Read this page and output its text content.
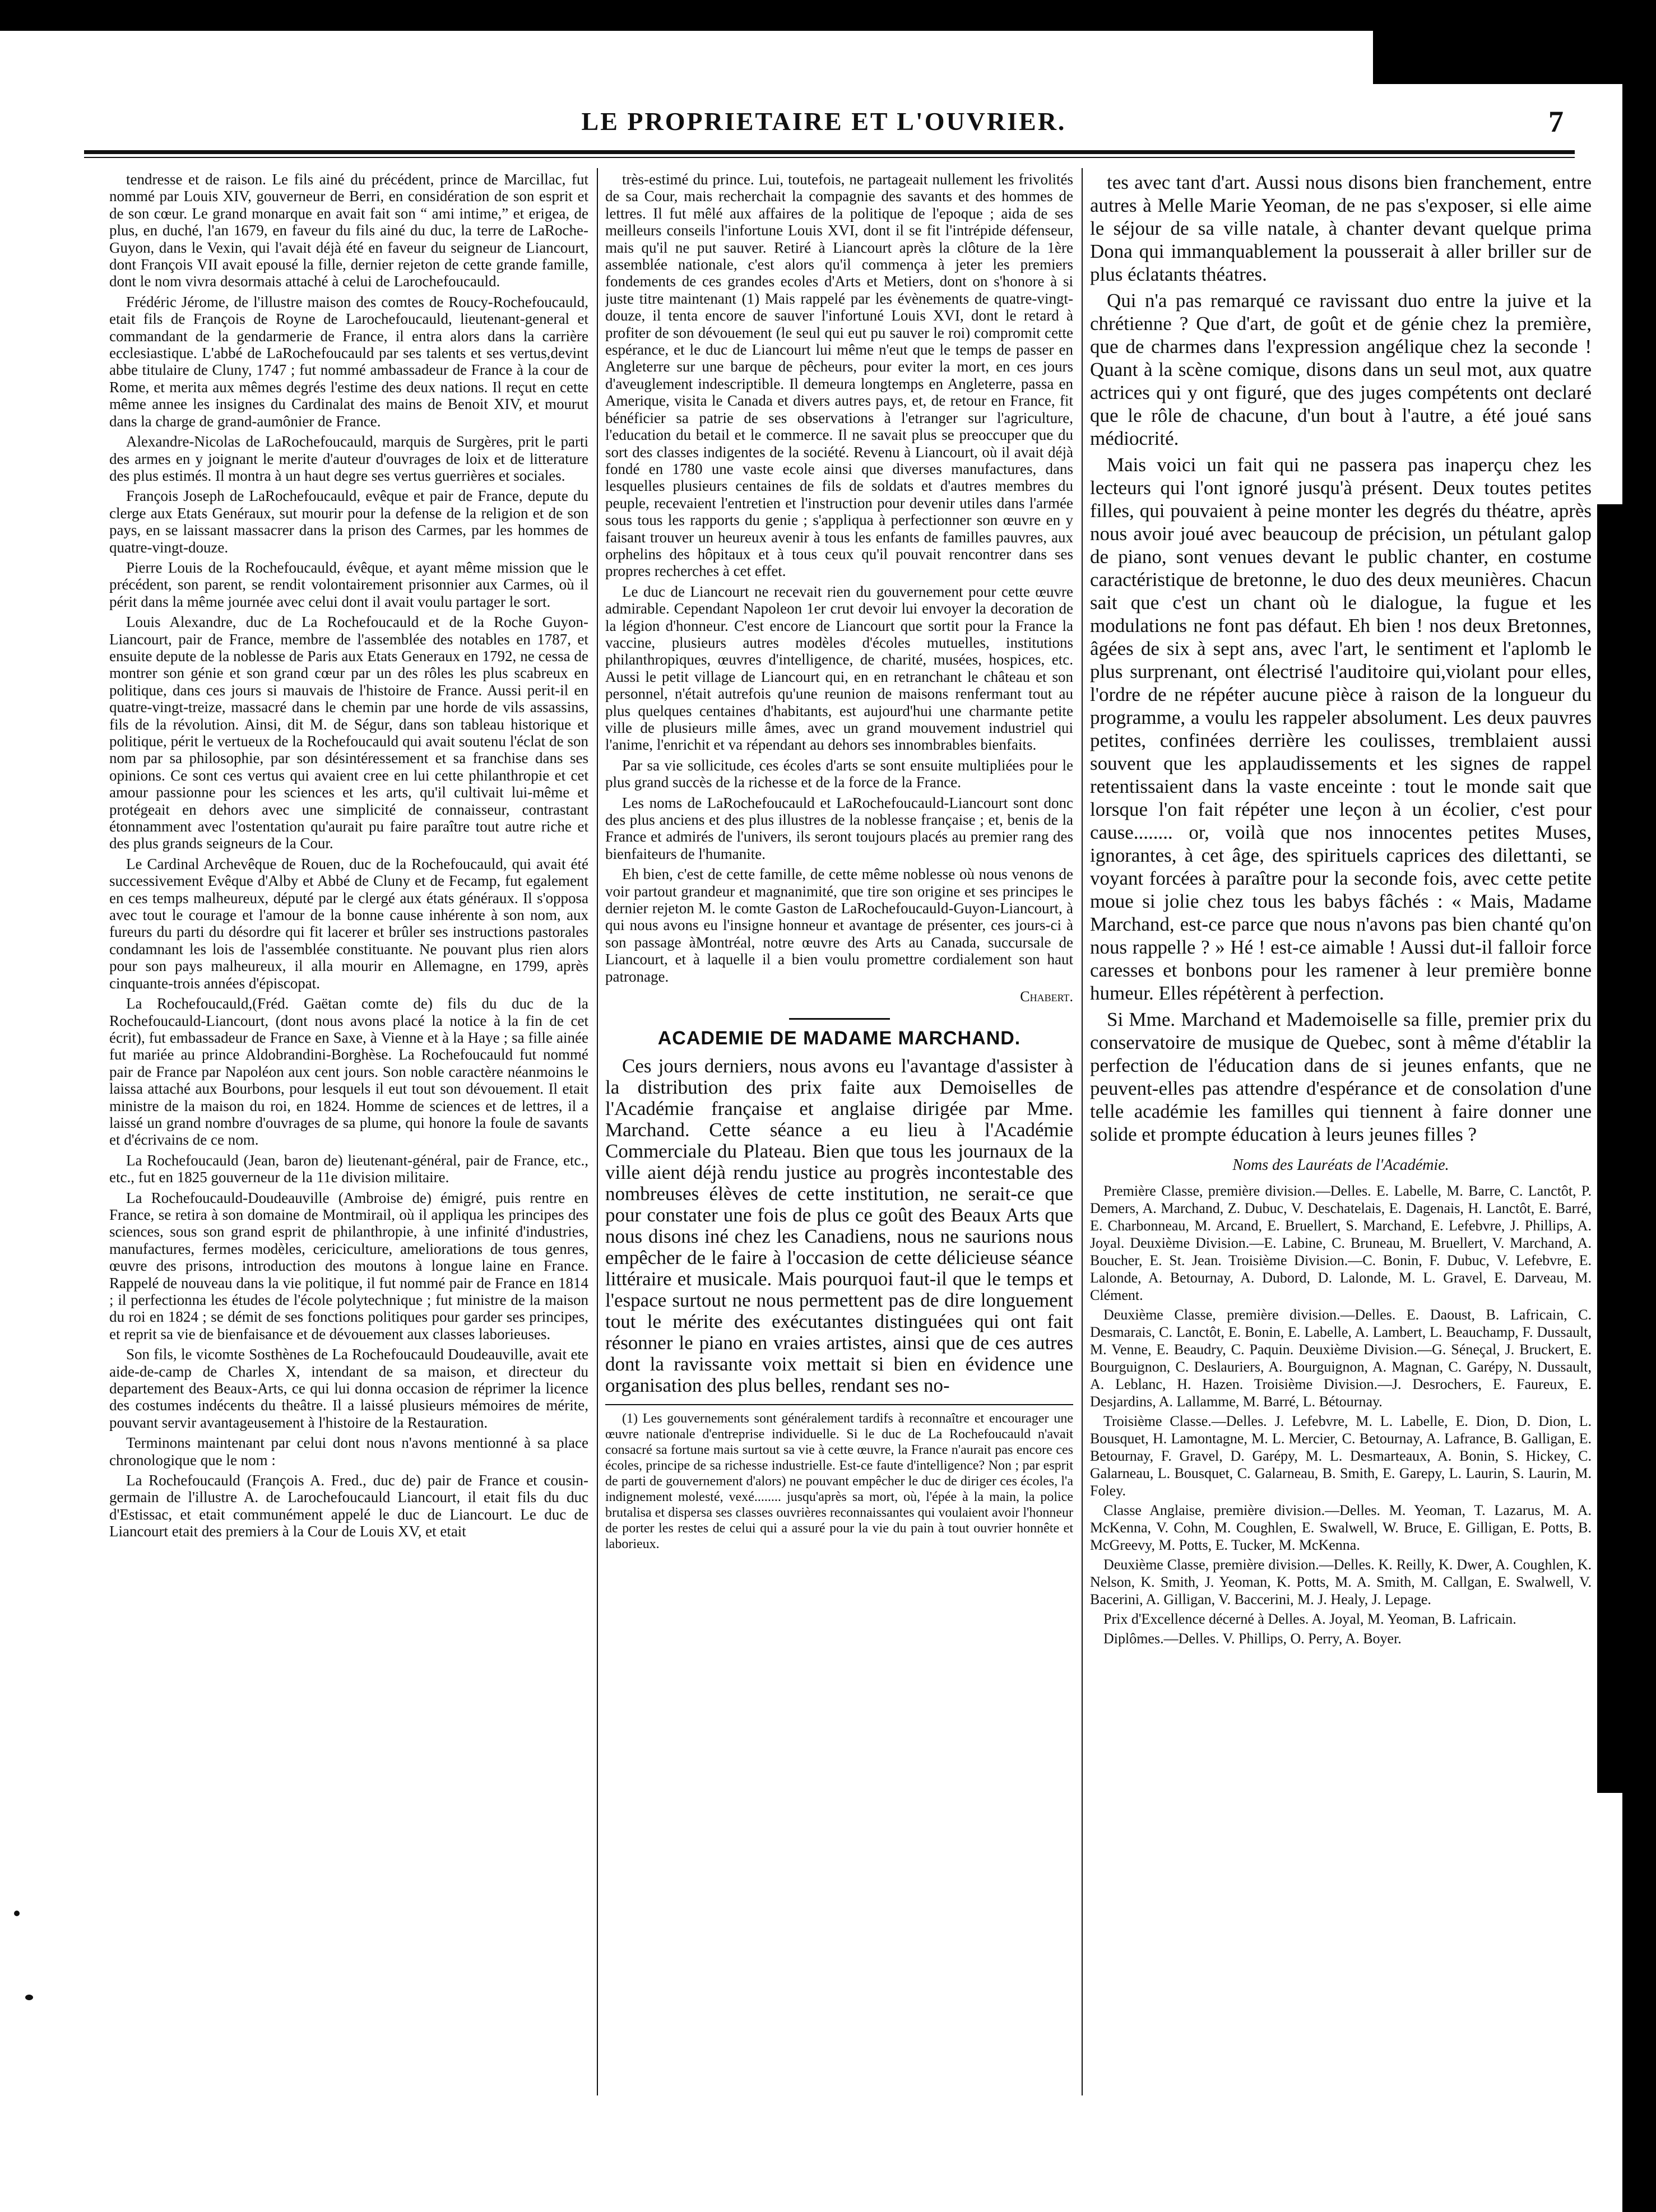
LE PROPRIETAIRE ET L'OUVRIER.	7

tendresse et de raison. Le fils ainé du précédent, prince de Marcillac, fut nommé par Louis XIV, gouverneur de Berri, en considération de son esprit et de son cœur. Le grand monarque en avait fait son “ ami intime,” et erigea, de plus, en duché, l'an 1679, en faveur du fils ainé du duc, la terre de LaRoche-Guyon, dans le Vexin, qui l'avait déjà été en faveur du seigneur de Liancourt, dont François VII avait epousé la fille, dernier rejeton de cette grande famille, dont le nom vivra desormais attaché à celui de Larochefoucauld.

Frédéric Jérome, de l'illustre maison des comtes de Roucy-Rochefoucauld, etait fils de François de Royne de Larochefoucauld, lieutenant-general et commandant de la gendarmerie de France, il entra alors dans la carrière ecclesiastique. L'abbé de LaRochefoucauld par ses talents et ses vertus,devint abbe titulaire de Cluny, 1747 ; fut nommé ambassadeur de France à la cour de Rome, et merita aux mêmes degrés l'estime des deux nations. Il reçut en cette même annee les insignes du Cardinalat des mains de Benoit XIV, et mourut dans la charge de grand-aumônier de France.

Alexandre-Nicolas de LaRochefoucauld, marquis de Surgères, prit le parti des armes en y joignant le merite d'auteur d'ouvrages de loix et de litterature des plus estimés. Il montra à un haut degre ses vertus guerrières et sociales.

François Joseph de LaRochefoucauld, evêque et pair de France, depute du clerge aux Etats Genéraux, sut mourir pour la defense de la religion et de son pays, en se laissant massacrer dans la prison des Carmes, par les hommes de quatre-vingt-douze.

Pierre Louis de la Rochefoucauld, évêque, et ayant même mission que le précédent, son parent, se rendit volontairement prisonnier aux Carmes, où il périt dans la même journée avec celui dont il avait voulu partager le sort.

Louis Alexandre, duc de La Rochefoucauld et de la Roche Guyon-Liancourt, pair de France, membre de l'assemblée des notables en 1787, et ensuite depute de la noblesse de Paris aux Etats Generaux en 1792, ne cessa de montrer son génie et son grand cœur par un des rôles les plus scabreux en politique, dans ces jours si mauvais de l'histoire de France. Aussi perit-il en quatre-vingt-treize, massacré dans le chemin par une horde de vils assassins, fils de la révolution. Ainsi, dit M. de Ségur, dans son tableau historique et politique, périt le vertueux de la Rochefoucauld qui avait soutenu l'éclat de son nom par sa philosophie, par son désintéressement et sa franchise dans ses opinions. Ce sont ces vertus qui avaient cree en lui cette philanthropie et cet amour passionne pour les sciences et les arts, qu'il cultivait lui-même et protégeait en dehors avec une simplicité de connaisseur, contrastant étonnamment avec l'ostentation qu'aurait pu faire paraître tout autre riche et des plus grands seigneurs de la Cour.

Le Cardinal Archevêque de Rouen, duc de la Rochefoucauld, qui avait été successivement Evêque d'Alby et Abbé de Cluny et de Fecamp, fut egalement en ces temps malheureux, député par le clergé aux états généraux. Il s'opposa avec tout le courage et l'amour de la bonne cause inhérente à son nom, aux fureurs du parti du désordre qui fit lacerer et brûler ses instructions pastorales condamnant les lois de l'assemblée constituante. Ne pouvant plus rien alors pour son pays malheureux, il alla mourir en Allemagne, en 1799, après cinquante-trois années d'épiscopat.

La Rochefoucauld,(Fréd. Gaëtan comte de) fils du duc de la Rochefoucauld-Liancourt, (dont nous avons placé la notice à la fin de cet écrit), fut embassadeur de France en Saxe, à Vienne et à la Haye ; sa fille ainée fut mariée au prince Aldobrandini-Borghèse. La Rochefoucauld fut nommé pair de France par Napoléon aux cent jours. Son noble caractère néanmoins le laissa attaché aux Bourbons, pour lesquels il eut tout son dévouement. Il etait ministre de la maison du roi, en 1824. Homme de sciences et de lettres, il a laissé un grand nombre d'ouvrages de sa plume, qui honore la foule de savants et d'écrivains de ce nom.

La Rochefoucauld (Jean, baron de) lieutenant-général, pair de France, etc., etc., fut en 1825 gouverneur de la 11e division militaire.

La Rochefoucauld-Doudeauville (Ambroise de) émigré, puis rentre en France, se retira à son domaine de Montmirail, où il appliqua les principes des sciences, sous son grand esprit de philanthropie, à une infinité d'industries, manufactures, fermes modèles, cericiculture, ameliorations de tous genres, œuvre des prisons, introduction des moutons à longue laine en France. Rappelé de nouveau dans la vie politique, il fut nommé pair de France en 1814 ; il perfectionna les études de l'école polytechnique ; fut ministre de la maison du roi en 1824 ; se démit de ses fonctions politiques pour garder ses principes, et reprit sa vie de bienfaisance et de dévouement aux classes laborieuses.

Son fils, le vicomte Sosthènes de La Rochefoucauld Doudeauville, avait ete aide-de-camp de Charles X, intendant de sa maison, et directeur du departement des Beaux-Arts, ce qui lui donna occasion de réprimer la licence des costumes indécents du theâtre. Il a laissé plusieurs mémoires de mérite, pouvant servir avantageusement à l'histoire de la Restauration.

Terminons maintenant par celui dont nous n'avons mentionné à sa place chronologique que le nom :

La Rochefoucauld (François A. Fred., duc de) pair de France et cousin-germain de l'illustre A. de Larochefoucauld Liancourt, il etait fils du duc d'Estissac, et etait communément appelé le duc de Liancourt. Le duc de Liancourt etait des premiers à la Cour de Louis XV, et etait

très-estimé du prince. Lui, toutefois, ne partageait nullement les frivolités de sa Cour, mais recherchait la compagnie des savants et des hommes de lettres. Il fut mêlé aux affaires de la politique de l'epoque ; aida de ses meilleurs conseils l'infortune Louis XVI, dont il se fit l'intrépide défenseur, mais qu'il ne put sauver. Retiré à Liancourt après la clôture de la 1ère assemblée nationale, c'est alors qu'il commença à jeter les premiers fondements de ces grandes ecoles d'Arts et Metiers, dont on s'honore à si juste titre maintenant (1) Mais rappelé par les évènements de quatre-vingt-douze, il tenta encore de sauver l'infortuné Louis XVI, dont le retard à profiter de son dévouement (le seul qui eut pu sauver le roi) compromit cette espérance, et le duc de Liancourt lui même n'eut que le temps de passer en Angleterre sur une barque de pêcheurs, pour eviter la mort, en ces jours d'aveuglement indescriptible. Il demeura longtemps en Angleterre, passa en Amerique, visita le Canada et divers autres pays, et, de retour en France, fit bénéficier sa patrie de ses observations à l'etranger sur l'agriculture, l'education du betail et le commerce. Il ne savait plus se preoccuper que du sort des classes indigentes de la société. Revenu à Liancourt, où il avait déjà fondé en 1780 une vaste ecole ainsi que diverses manufactures, dans lesquelles plusieurs centaines de fils de soldats et d'autres membres du peuple, recevaient l'entretien et l'instruction pour devenir utiles dans l'armée sous tous les rapports du genie ; s'appliqua à perfectionner son œuvre en y faisant trouver un heureux avenir à tous les enfants de familles pauvres, aux orphelins des hôpitaux et à tous ceux qu'il pouvait rencontrer dans ses propres recherches à cet effet.

Le duc de Liancourt ne recevait rien du gouvernement pour cette œuvre admirable. Cependant Napoleon 1er crut devoir lui envoyer la decoration de la légion d'honneur. C'est encore de Liancourt que sortit pour la France la vaccine, plusieurs autres modèles d'écoles mutuelles, institutions philanthropiques, œuvres d'intelligence, de charité, musées, hospices, etc. Aussi le petit village de Liancourt qui, en en retranchant le château et son personnel, n'était autrefois qu'une reunion de maisons renfermant tout au plus quelques centaines d'habitants, est aujourd'hui une charmante petite ville de plusieurs mille âmes, avec un grand mouvement industriel qui l'anime, l'enrichit et va répendant au dehors ses innombrables bienfaits.

Par sa vie sollicitude, ces écoles d'arts se sont ensuite multipliées pour le plus grand succès de la richesse et de la force de la France.

Les noms de LaRochefoucauld et LaRochefoucauld-Liancourt sont donc des plus anciens et des plus illustres de la noblesse française ; et, benis de la France et admirés de l'univers, ils seront toujours placés au premier rang des bienfaiteurs de l'humanite.

Eh bien, c'est de cette famille, de cette même noblesse où nous venons de voir partout grandeur et magnanimité, que tire son origine et ses principes le dernier rejeton M. le comte Gaston de LaRochefoucauld-Guyon-Liancourt, à qui nous avons eu l'insigne honneur et avantage de présenter, ces jours-ci à son passage àMontréal, notre œuvre des Arts au Canada, succursale de Liancourt, et à laquelle il a bien voulu promettre cordialement son haut patronage.

Chabert.
ACADEMIE DE MADAME MARCHAND.

Ces jours derniers, nous avons eu l'avantage d'assister à la distribution des prix faite aux Demoiselles de l'Académie française et anglaise dirigée par Mme. Marchand. Cette séance a eu lieu à l'Académie Commerciale du Plateau. Bien que tous les journaux de la ville aient déjà rendu justice au progrès incontestable des nombreuses élèves de cette institution, ne serait-ce que pour constater une fois de plus ce goût des Beaux Arts que nous disons iné chez les Canadiens, nous ne saurions nous empêcher de le faire à l'occasion de cette délicieuse séance littéraire et musicale. Mais pourquoi faut-il que le temps et l'espace surtout ne nous permettent pas de dire longuement tout le mérite des exécutantes distinguées qui ont fait résonner le piano en vraies artistes, ainsi que de ces autres dont la ravissante voix mettait si bien en évidence une organisation des plus belles, rendant ses no-

(1) Les gouvernements sont généralement tardifs à reconnaître et encourager une œuvre nationale d'entreprise individuelle. Si le duc de La Rochefoucauld n'avait consacré sa fortune mais surtout sa vie à cette œuvre, la France n'aurait pas encore ces écoles, principe de sa richesse industrielle. Est-ce faute d'intelligence? Non ; par esprit de parti de gouvernement d'alors) ne pouvant empêcher le duc de diriger ces écoles, l'a indignement molesté, vexé........ jusqu'après sa mort, où, l'épée à la main, la police brutalisa et dispersa ses classes ouvrières reconnaissantes qui voulaient avoir l'honneur de porter les restes de celui qui a assuré pour la vie du pain à tout ouvrier honnête et laborieux.

tes avec tant d'art. Aussi nous disons bien franchement, entre autres à Melle Marie Yeoman, de ne pas s'exposer, si elle aime le séjour de sa ville natale, à chanter devant quelque prima Dona qui immanquablement la pousserait à aller briller sur de plus éclatants théatres.

Qui n'a pas remarqué ce ravissant duo entre la juive et la chrétienne ? Que d'art, de goût et de génie chez la première, que de charmes dans l'expression angélique chez la seconde ! Quant à la scène comique, disons dans un seul mot, aux quatre actrices qui y ont figuré, que des juges compétents ont declaré que le rôle de chacune, d'un bout à l'autre, a été joué sans médiocrité.

Mais voici un fait qui ne passera pas inaperçu chez les lecteurs qui l'ont ignoré jusqu'à présent. Deux toutes petites filles, qui pouvaient à peine monter les degrés du théatre, après nous avoir joué avec beaucoup de précision, un pétulant galop de piano, sont venues devant le public chanter, en costume caractéristique de bretonne, le duo des deux meunières. Chacun sait que c'est un chant où le dialogue, la fugue et les modulations ne font pas défaut. Eh bien ! nos deux Bretonnes, âgées de six à sept ans, avec l'art, le sentiment et l'aplomb le plus surprenant, ont électrisé l'auditoire qui,violant pour elles, l'ordre de ne répéter aucune pièce à raison de la longueur du programme, a voulu les rappeler absolument. Les deux pauvres petites, confinées derrière les coulisses, tremblaient aussi souvent que les applaudissements et les signes de rappel retentissaient dans la vaste enceinte : tout le monde sait que lorsque l'on fait répéter une leçon à un écolier, c'est pour cause........ or, voilà que nos innocentes petites Muses, ignorantes, à cet âge, des spirituels caprices des dilettanti, se voyant forcées à paraître pour la seconde fois, avec cette petite moue si jolie chez tous les babys fâchés : « Mais, Madame Marchand, est-ce parce que nous n'avons pas bien chanté qu'on nous rappelle ? » Hé ! est-ce aimable ! Aussi dut-il falloir force caresses et bonbons pour les ramener à leur première bonne humeur. Elles répétèrent à perfection.

Si Mme. Marchand et Mademoiselle sa fille, premier prix du conservatoire de musique de Quebec, sont à même d'établir la perfection de l'éducation dans de si jeunes enfants, que ne peuvent-elles pas attendre d'espérance et de consolation d'une telle académie les familles qui tiennent à faire donner une solide et prompte éducation à leurs jeunes filles ?

Noms des Lauréats de l'Académie.

Première Classe, première division.—Delles. E. Labelle, M. Barre, C. Lanctôt, P. Demers, A. Marchand, Z. Dubuc, V. Deschatelais, E. Dagenais, H. Lanctôt, E. Barré, E. Charbonneau, M. Arcand, E. Bruellert, S. Marchand, E. Lefebvre, J. Phillips, A. Joyal. Deuxième Division.—E. Labine, C. Bruneau, M. Bruellert, V. Marchand, A. Boucher, E. St. Jean. Troisième Division.—C. Bonin, F. Dubuc, V. Lefebvre, E. Lalonde, A. Betournay, A. Dubord, D. Lalonde, M. L. Gravel, E. Darveau, M. Clément.

Deuxième Classe, première division.—Delles. E. Daoust, B. Lafricain, C. Desmarais, C. Lanctôt, E. Bonin, E. Labelle, A. Lambert, L. Beauchamp, F. Dussault, M. Venne, E. Beaudry, C. Paquin. Deuxième Division.—G. Séneçal, J. Bruckert, E. Bourguignon, C. Deslauriers, A. Bourguignon, A. Magnan, C. Garépy, N. Dussault, A. Leblanc, H. Hazen. Troisième Division.—J. Desrochers, E. Faureux, E. Desjardins, A. Lallamme, M. Barré, L. Bétournay.

Troisième Classe.—Delles. J. Lefebvre, M. L. Labelle, E. Dion, D. Dion, L. Bousquet, H. Lamontagne, M. L. Mercier, C. Betournay, A. Lafrance, B. Galligan, E. Betournay, F. Gravel, D. Garépy, M. L. Desmarteaux, A. Bonin, S. Hickey, C. Galarneau, L. Bousquet, C. Galarneau, B. Smith, E. Garepy, L. Laurin, S. Laurin, M. Foley.

Classe Anglaise, première division.—Delles. M. Yeoman, T. Lazarus, M. A. McKenna, V. Cohn, M. Coughlen, E. Swalwell, W. Bruce, E. Gilligan, E. Potts, B. McGreevy, M. Potts, E. Tucker, M. McKenna.

Deuxième Classe, première division.—Delles. K. Reilly, K. Dwer, A. Coughlen, K. Nelson, K. Smith, J. Yeoman, K. Potts, M. A. Smith, M. Callgan, E. Swalwell, V. Bacerini, A. Gilligan, V. Baccerini, M. J. Healy, J. Lepage.

Prix d'Excellence décerné à Delles. A. Joyal, M. Yeoman, B. Lafricain.

Diplômes.—Delles. V. Phillips, O. Perry, A. Boyer.
